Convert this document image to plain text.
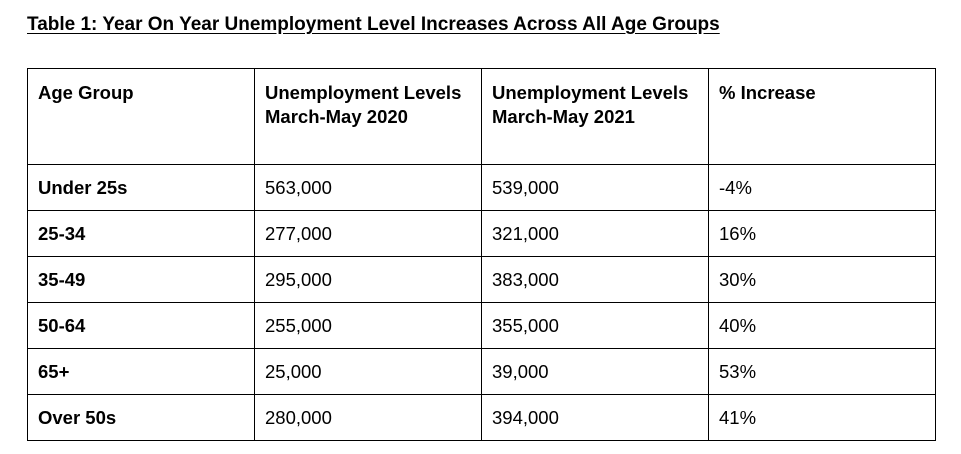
Table 1: Year On Year Unemployment Level Increases Across All Age Groups
Age Group	Unemployment Levels March-May 2020	Unemployment Levels March-May 2021	% Increase
Under 25s	563,000	539,000	-4%
25-34	277,000	321,000	16%
35-49	295,000	383,000	30%
50-64	255,000	355,000	40%
65+	25,000	39,000	53%
Over 50s	280,000	394,000	41%
